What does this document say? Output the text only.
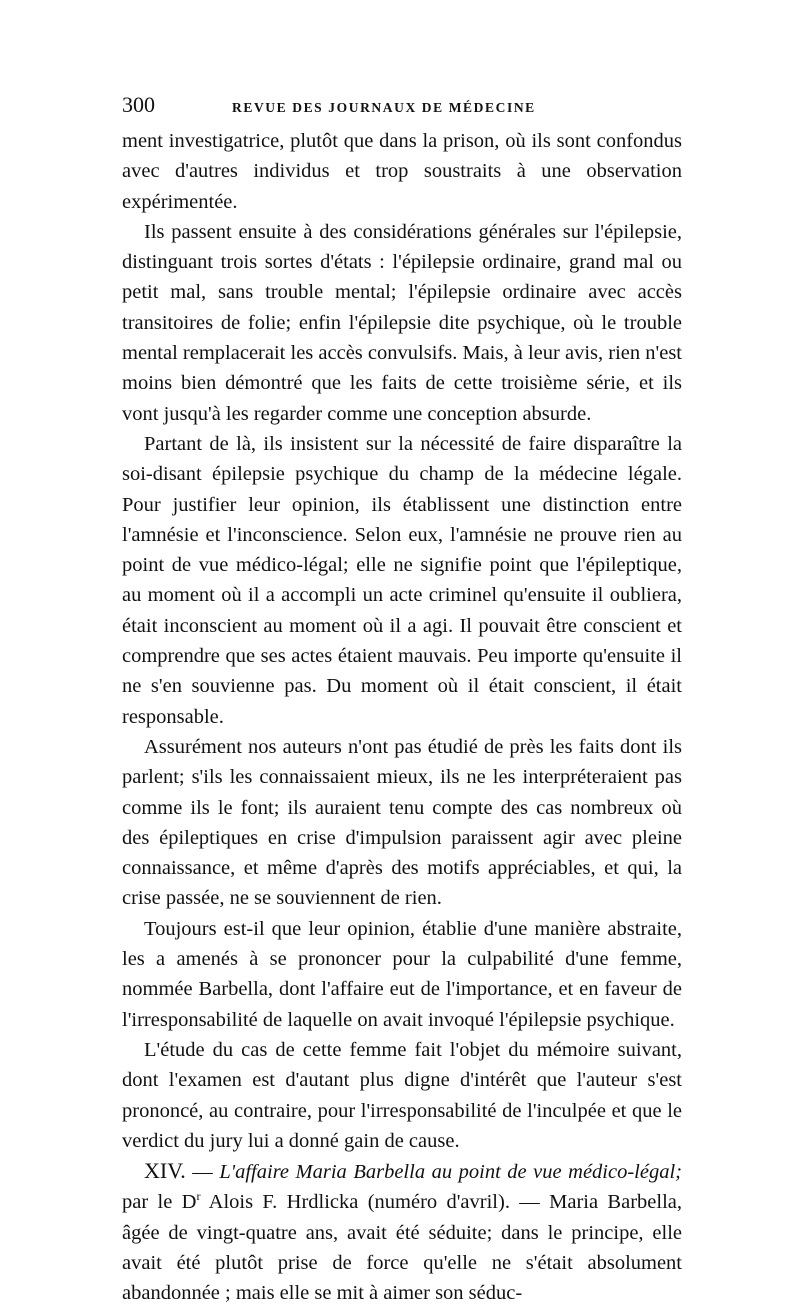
300	REVUE DES JOURNAUX DE MÉDECINE

ment investigatrice, plutôt que dans la prison, où ils sont confondus avec d'autres individus et trop soustraits à une observation expérimentée.

Ils passent ensuite à des considérations générales sur l'épilepsie, distinguant trois sortes d'états : l'épilepsie ordinaire, grand mal ou petit mal, sans trouble mental; l'épilepsie ordinaire avec accès transitoires de folie; enfin l'épilepsie dite psychique, où le trouble mental remplacerait les accès convulsifs. Mais, à leur avis, rien n'est moins bien démontré que les faits de cette troisième série, et ils vont jusqu'à les regarder comme une conception absurde.

Partant de là, ils insistent sur la nécessité de faire disparaître la soi-disant épilepsie psychique du champ de la médecine légale. Pour justifier leur opinion, ils établissent une distinction entre l'amnésie et l'inconscience. Selon eux, l'amnésie ne prouve rien au point de vue médico-légal; elle ne signifie point que l'épileptique, au moment où il a accompli un acte criminel qu'ensuite il oubliera, était inconscient au moment où il a agi. Il pouvait être conscient et comprendre que ses actes étaient mauvais. Peu importe qu'ensuite il ne s'en souvienne pas. Du moment où il était conscient, il était responsable.

Assurément nos auteurs n'ont pas étudié de près les faits dont ils parlent; s'ils les connaissaient mieux, ils ne les interpréteraient pas comme ils le font; ils auraient tenu compte des cas nombreux où des épileptiques en crise d'impulsion paraissent agir avec pleine connaissance, et même d'après des motifs appréciables, et qui, la crise passée, ne se souviennent de rien.

Toujours est-il que leur opinion, établie d'une manière abstraite, les a amenés à se prononcer pour la culpabilité d'une femme, nommée Barbella, dont l'affaire eut de l'importance, et en faveur de l'irresponsabilité de laquelle on avait invoqué l'épilepsie psychique.

L'étude du cas de cette femme fait l'objet du mémoire suivant, dont l'examen est d'autant plus digne d'intérêt que l'auteur s'est prononcé, au contraire, pour l'irresponsabilité de l'inculpée et que le verdict du jury lui a donné gain de cause.

XIV. — L'affaire Maria Barbella au point de vue médico-légal; par le $D^r$ Alois F. Hrdlicka (numéro d'avril). — Maria Barbella, âgée de vingt-quatre ans, avait été séduite; dans le principe, elle avait été plutôt prise de force qu'elle ne s'était absolument abandonnée ; mais elle se mit à aimer son séduc-
